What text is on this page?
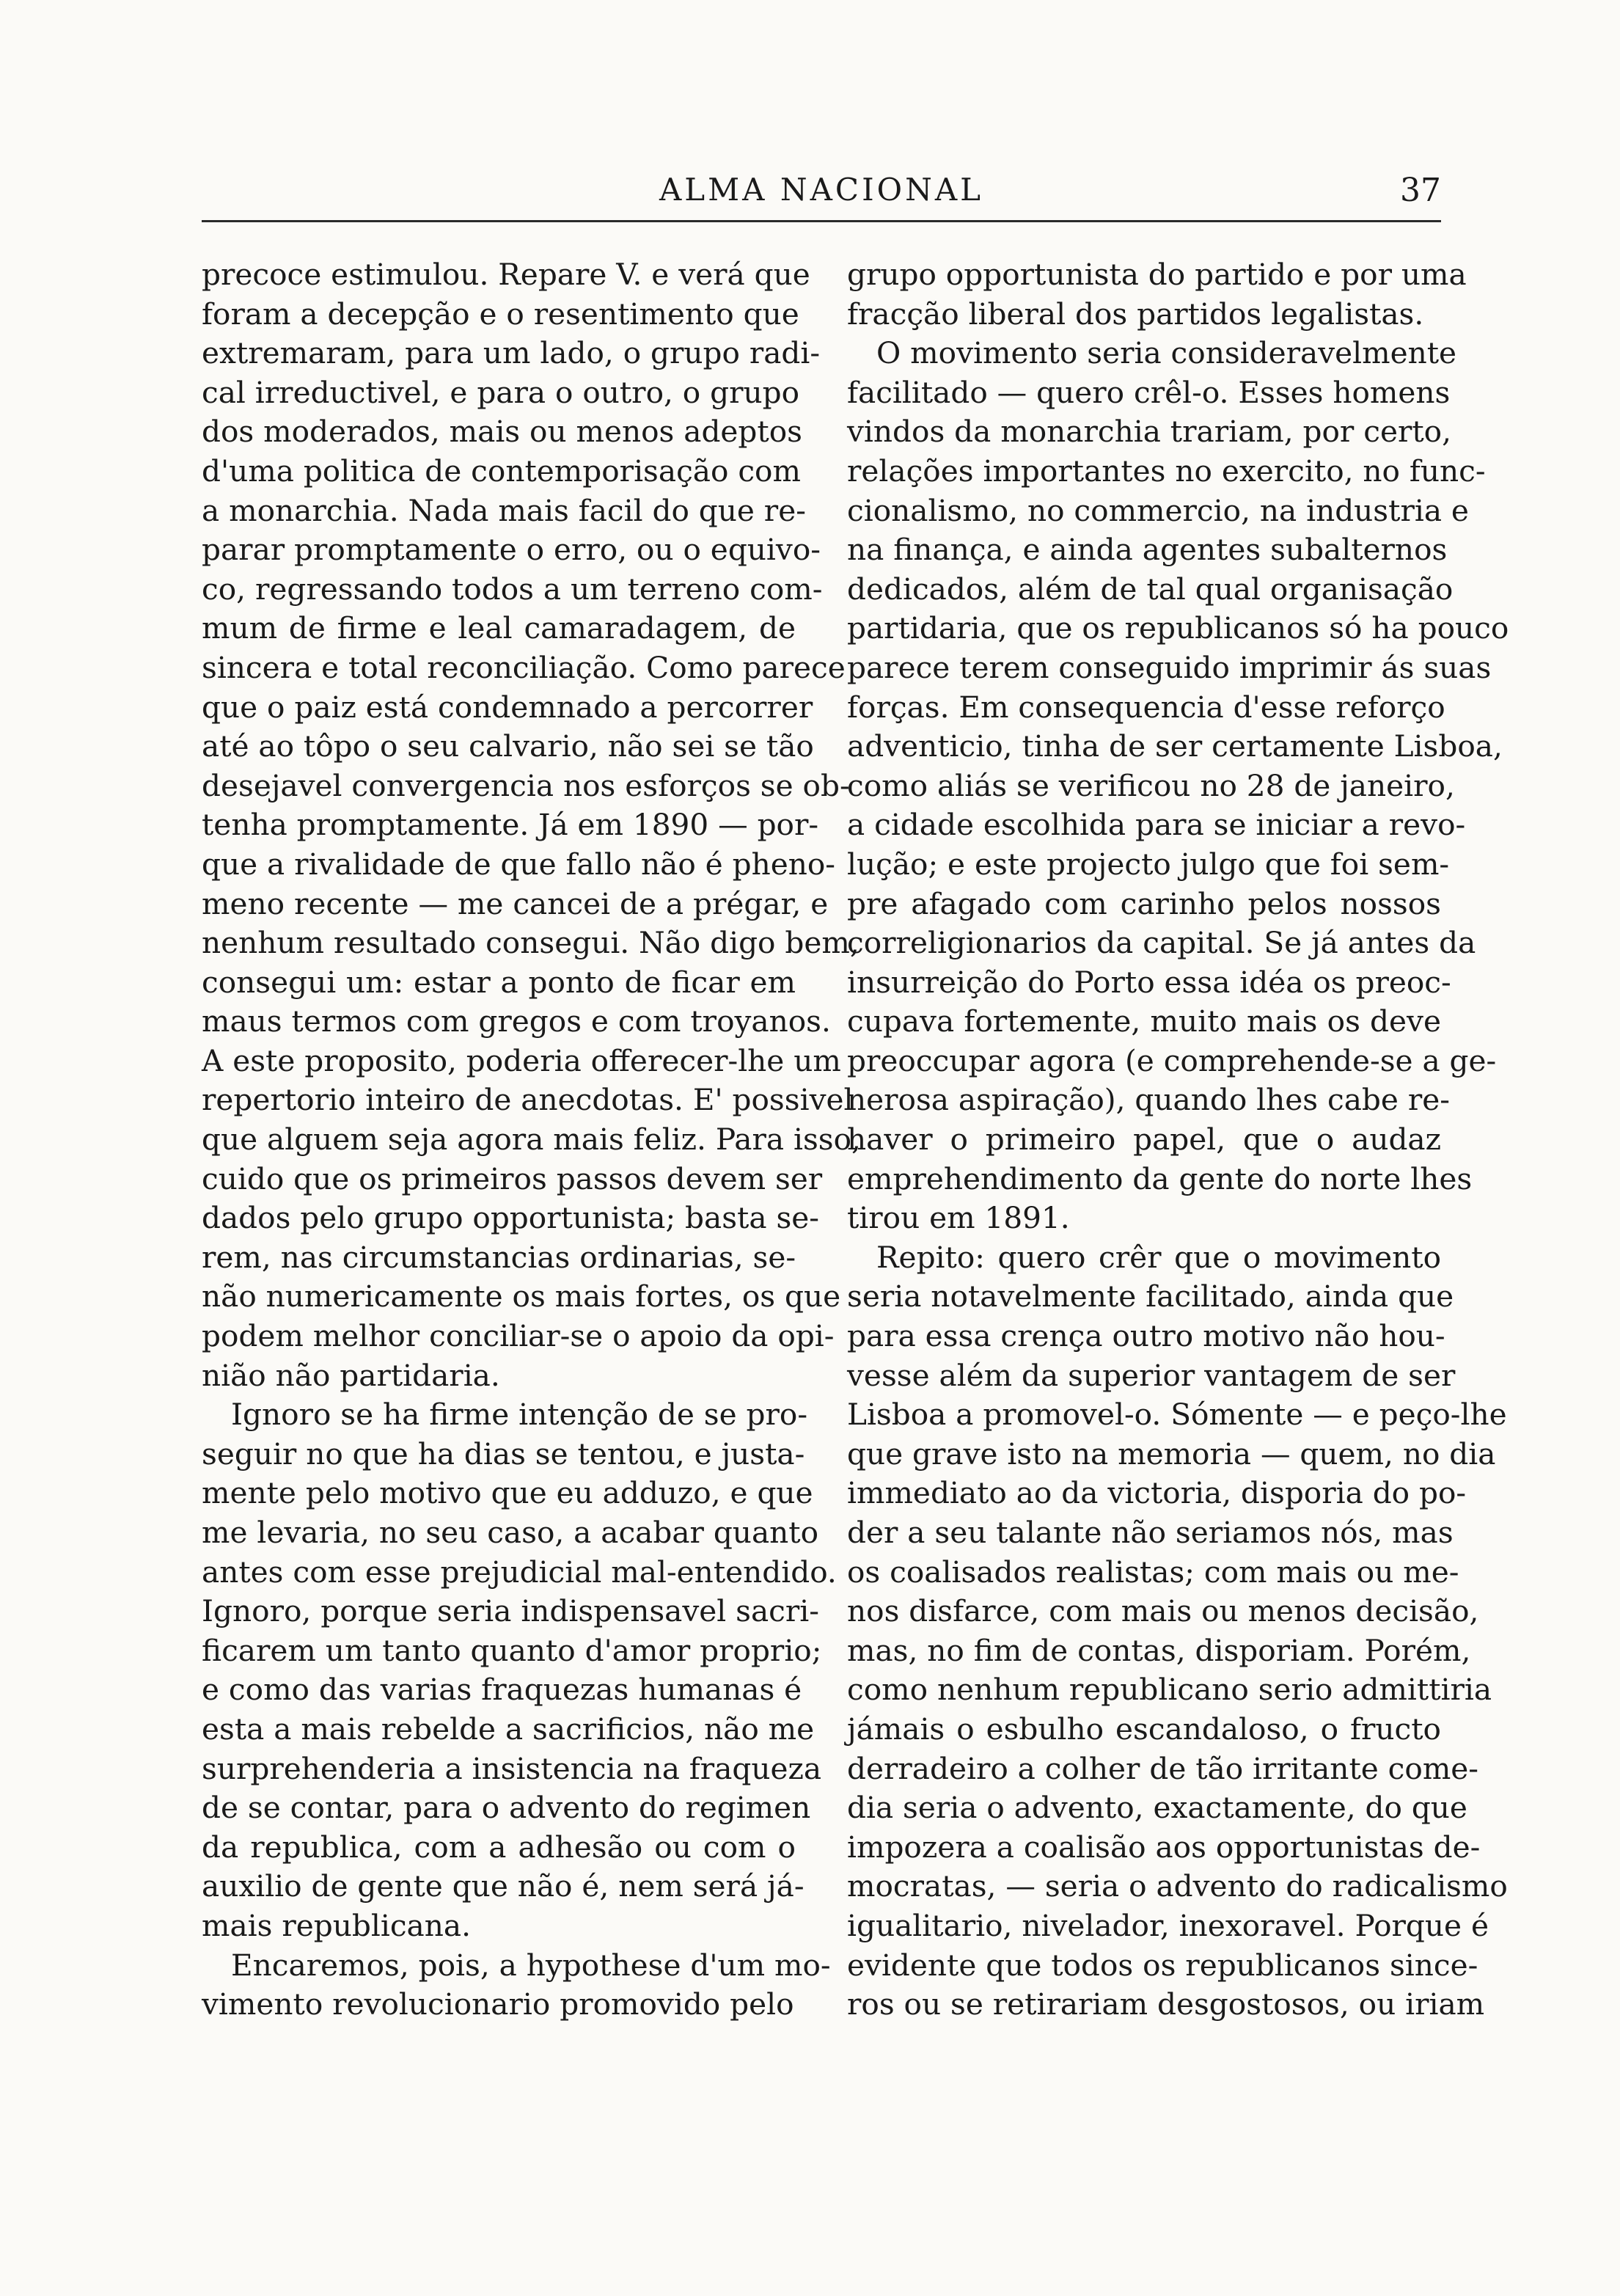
ALMA NACIONAL	37
precoce estimulou. Repare V. e verá que
foram a decepção e o resentimento que
extremaram, para um lado, o grupo radi-
cal irreductivel, e para o outro, o grupo
dos moderados, mais ou menos adeptos
d'uma politica de contemporisação com
a monarchia. Nada mais facil do que re-
parar promptamente o erro, ou o equivo-
co, regressando todos a um terreno com-
mum de firme e leal camaradagem, de
sincera e total reconciliação. Como parece
que o paiz está condemnado a percorrer
até ao tôpo o seu calvario, não sei se tão
desejavel convergencia nos esforços se ob-
tenha promptamente. Já em 1890 — por-
que a rivalidade de que fallo não é pheno-
meno recente — me cancei de a prégar, e
nenhum resultado consegui. Não digo bem,
consegui um: estar a ponto de ficar em
maus termos com gregos e com troyanos.
A este proposito, poderia offerecer-lhe um
repertorio inteiro de anecdotas. E' possivel
que alguem seja agora mais feliz. Para isso,
cuido que os primeiros passos devem ser
dados pelo grupo opportunista; basta se-
rem, nas circumstancias ordinarias, se-
não numericamente os mais fortes, os que
podem melhor conciliar-se o apoio da opi-
nião não partidaria.
Ignoro se ha firme intenção de se pro-
seguir no que ha dias se tentou, e justa-
mente pelo motivo que eu adduzo, e que
me levaria, no seu caso, a acabar quanto
antes com esse prejudicial mal-entendido.
Ignoro, porque seria indispensavel sacri-
ficarem um tanto quanto d'amor proprio;
e como das varias fraquezas humanas é
esta a mais rebelde a sacrificios, não me
surprehenderia a insistencia na fraqueza
de se contar, para o advento do regimen
da republica, com a adhesão ou com o
auxilio de gente que não é, nem será já-
mais republicana.
Encaremos, pois, a hypothese d'um mo-
vimento revolucionario promovido pelo
grupo opportunista do partido e por uma
fracção liberal dos partidos legalistas.
O movimento seria consideravelmente
facilitado — quero crêl-o. Esses homens
vindos da monarchia trariam, por certo,
relações importantes no exercito, no func-
cionalismo, no commercio, na industria e
na finança, e ainda agentes subalternos
dedicados, além de tal qual organisação
partidaria, que os republicanos só ha pouco
parece terem conseguido imprimir ás suas
forças. Em consequencia d'esse reforço
adventicio, tinha de ser certamente Lisboa,
como aliás se verificou no 28 de janeiro,
a cidade escolhida para se iniciar a revo-
lução; e este projecto julgo que foi sem-
pre afagado com carinho pelos nossos
correligionarios da capital. Se já antes da
insurreição do Porto essa idéa os preoc-
cupava fortemente, muito mais os deve
preoccupar agora (e comprehende-se a ge-
nerosa aspiração), quando lhes cabe re-
haver o primeiro papel, que o audaz
emprehendimento da gente do norte lhes
tirou em 1891.
Repito: quero crêr que o movimento
seria notavelmente facilitado, ainda que
para essa crença outro motivo não hou-
vesse além da superior vantagem de ser
Lisboa a promovel-o. Sómente — e peço-lhe
que grave isto na memoria — quem, no dia
immediato ao da victoria, disporia do po-
der a seu talante não seriamos nós, mas
os coalisados realistas; com mais ou me-
nos disfarce, com mais ou menos decisão,
mas, no fim de contas, disporiam. Porém,
como nenhum republicano serio admittiria
jámais o esbulho escandaloso, o fructo
derradeiro a colher de tão irritante come-
dia seria o advento, exactamente, do que
impozera a coalisão aos opportunistas de-
mocratas, — seria o advento do radicalismo
igualitario, nivelador, inexoravel. Porque é
evidente que todos os republicanos since-
ros ou se retirariam desgostosos, ou iriam
